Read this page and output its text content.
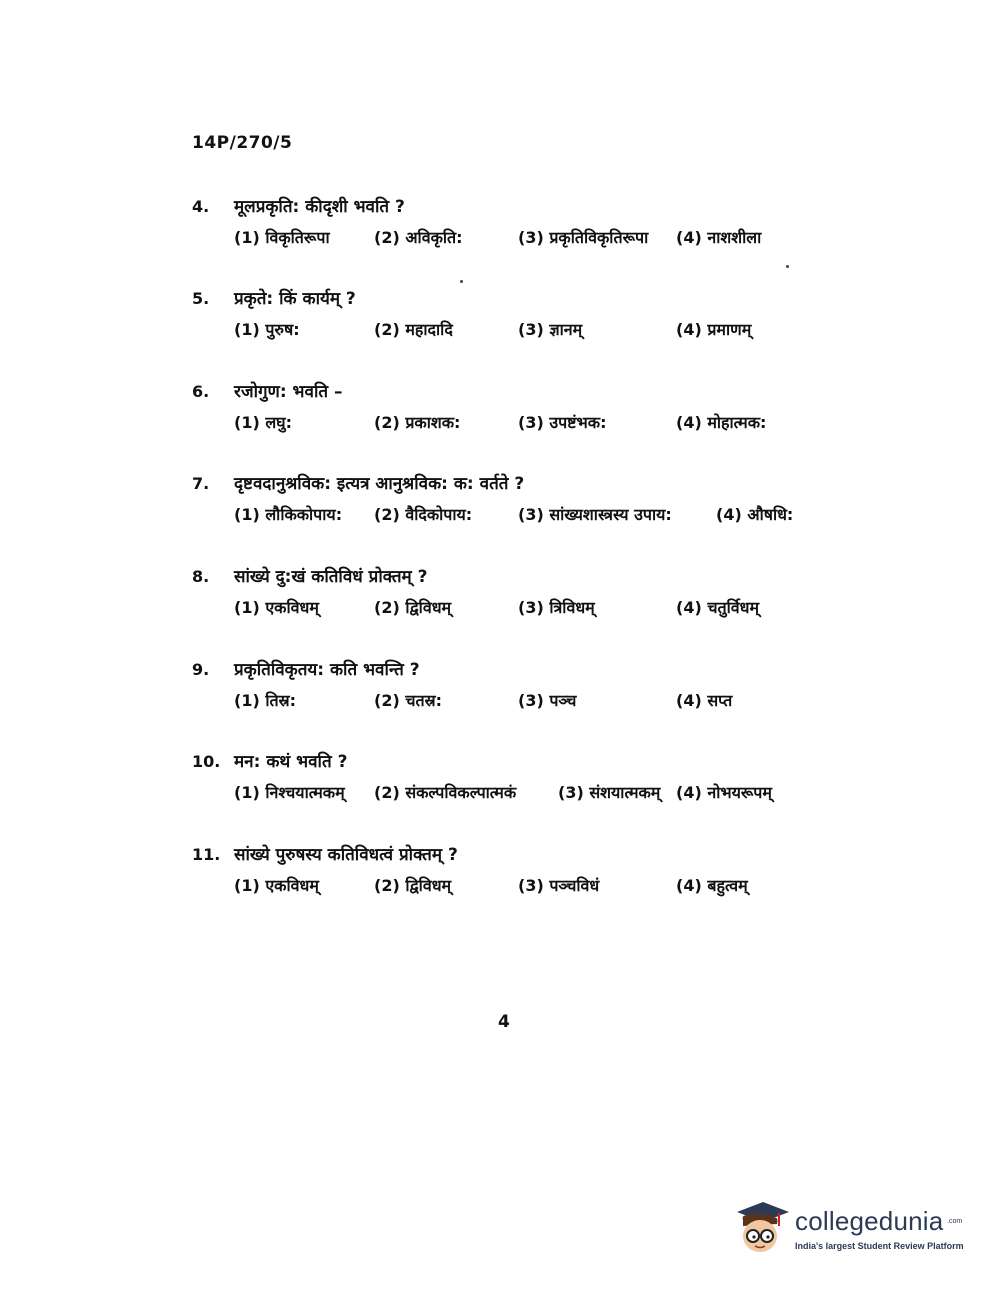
14P/270/5
4.	मूलप्रकृति: कीदृशी भवति ?
(1) विकृतिरूपा	(2) अविकृति:	(3) प्रकृतिविकृतिरूपा (4) नाशशीला
5.	प्रकृते: किं कार्यम् ?
(1) पुरुष:	(2) महादादि	(3) ज्ञानम्	(4) प्रमाणम्
6.	रजोगुण: भवति –
(1) लघु:	(2) प्रकाशक:	(3) उपष्टंभक:	(4) मोहात्मक:
7.	दृष्टवदानुश्रविक: इत्यत्र आनुश्रविक: क: वर्तते ?
(1) लौकिकोपाय: (2) वैदिकोपाय:	(3) सांख्यशास्त्रस्य उपाय:	(4) औषधि:
8.	सांख्ये दु:खं कतिविधं प्रोक्तम् ?
(1) एकविधम्	(2) द्विविधम्	(3) त्रिविधम्	(4) चतुर्विधम्
9.	प्रकृतिविकृतय: कति भवन्ति ?
(1) तिस्र:	(2) चतस्र:	(3) पञ्च	(4) सप्त
10. मन: कथं भवति ?
(1) निश्चयात्मकम् (2) संकल्पविकल्पात्मकं	(3) संशयात्मकम् (4) नोभयरूपम्
11. सांख्ये पुरुषस्य कतिविधत्वं प्रोक्तम् ?
(1) एकविधम्	(2) द्विविधम्	(3) पञ्चविधं	(4) बहुत्वम्
4
collegedunia .com
India's largest Student Review Platform
